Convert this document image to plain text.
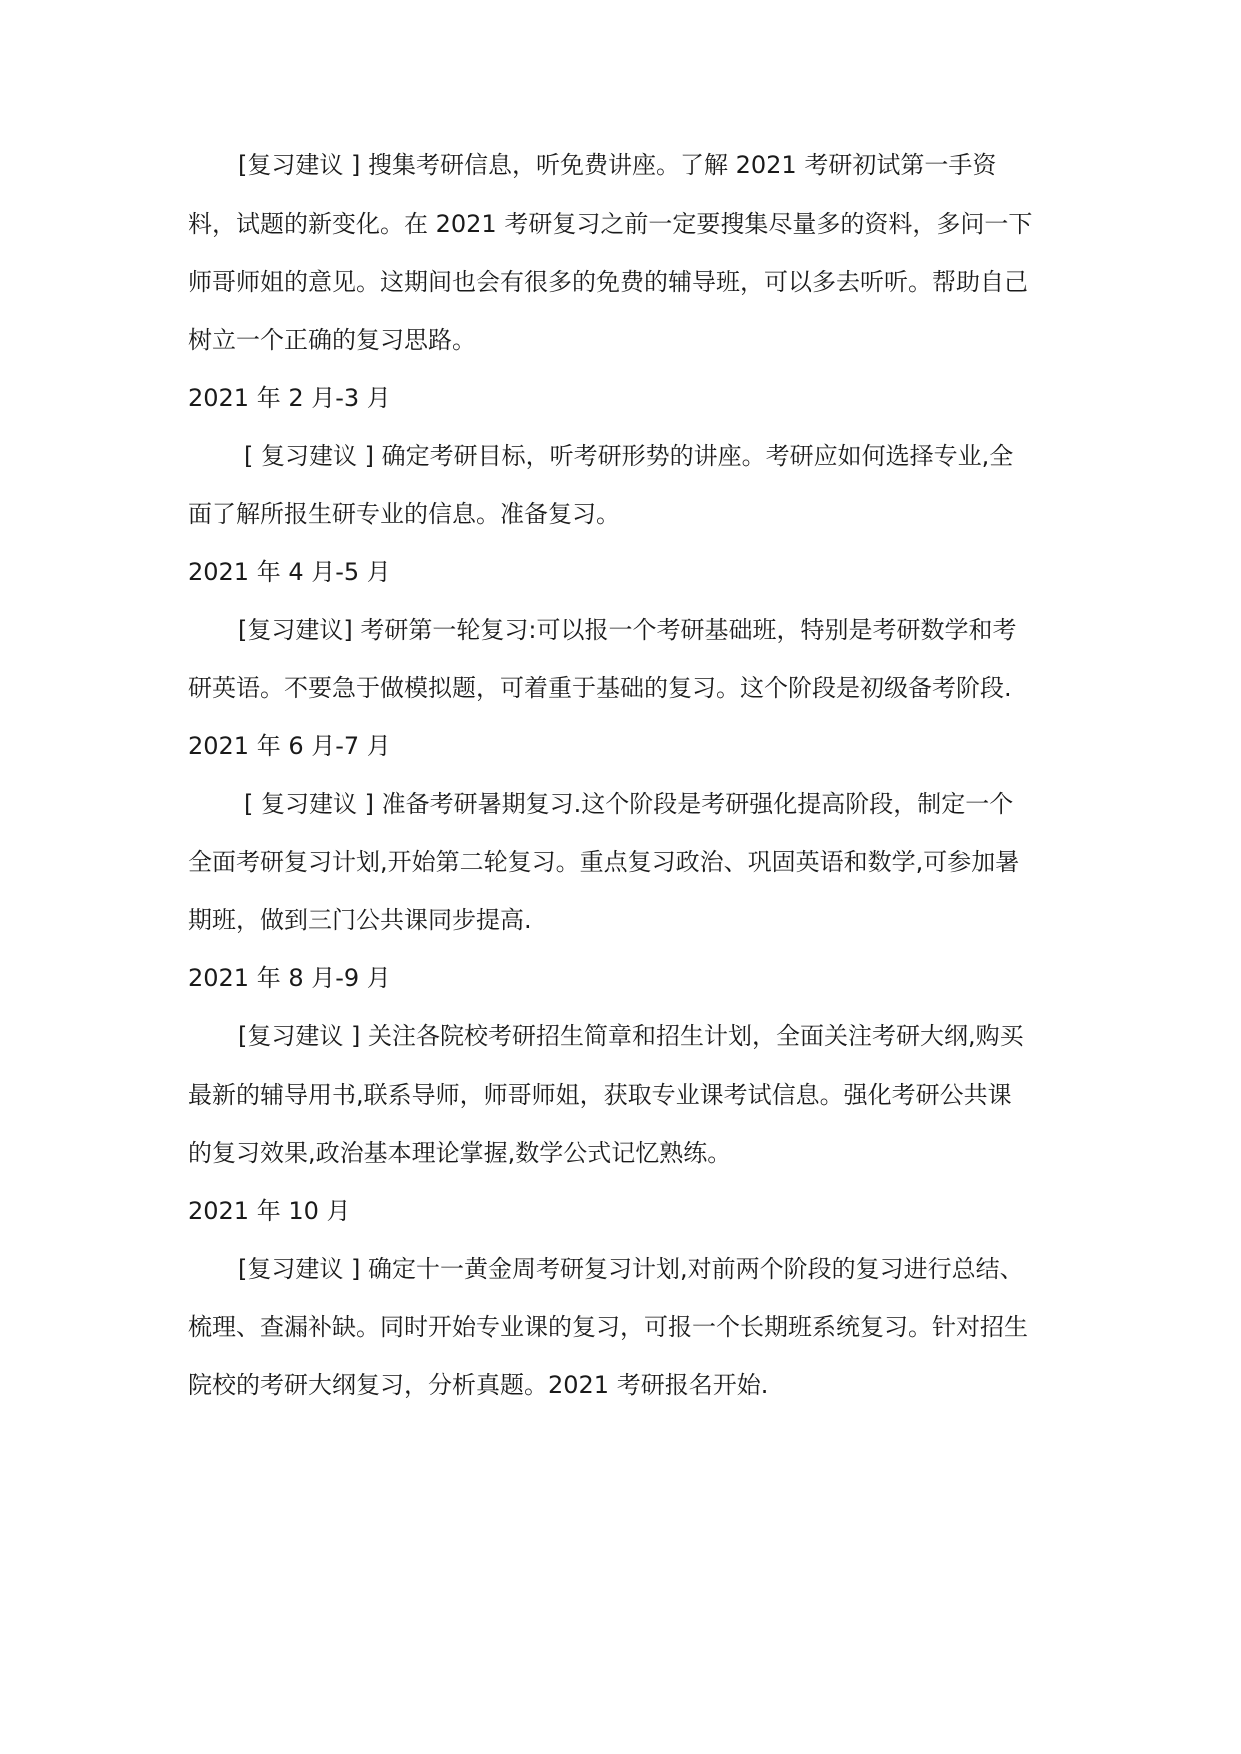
[复习建议 ] 搜集考研信息，听免费讲座。了解 2021 考研初试第一手资
料，试题的新变化。在 2021 考研复习之前一定要搜集尽量多的资料，多问一下
师哥师姐的意见。这期间也会有很多的免费的辅导班，可以多去听听。帮助自己
树立一个正确的复习思路。
2021 年 2 月-3 月
[ 复习建议 ] 确定考研目标，听考研形势的讲座。考研应如何选择专业,全
面了解所报生研专业的信息。准备复习。
2021 年 4 月-5 月
[复习建议] 考研第一轮复习:可以报一个考研基础班，特别是考研数学和考
研英语。不要急于做模拟题，可着重于基础的复习。这个阶段是初级备考阶段.
2021 年 6 月-7 月
[ 复习建议 ] 准备考研暑期复习.这个阶段是考研强化提高阶段，制定一个
全面考研复习计划,开始第二轮复习。重点复习政治、巩固英语和数学,可参加暑
期班，做到三门公共课同步提高.
2021 年 8 月-9 月
[复习建议 ] 关注各院校考研招生简章和招生计划，全面关注考研大纲,购买
最新的辅导用书,联系导师，师哥师姐，获取专业课考试信息。强化考研公共课
的复习效果,政治基本理论掌握,数学公式记忆熟练。
2021 年 10 月
[复习建议 ] 确定十一黄金周考研复习计划,对前两个阶段的复习进行总结、
梳理、查漏补缺。同时开始专业课的复习，可报一个长期班系统复习。针对招生
院校的考研大纲复习，分析真题。2021 考研报名开始.
